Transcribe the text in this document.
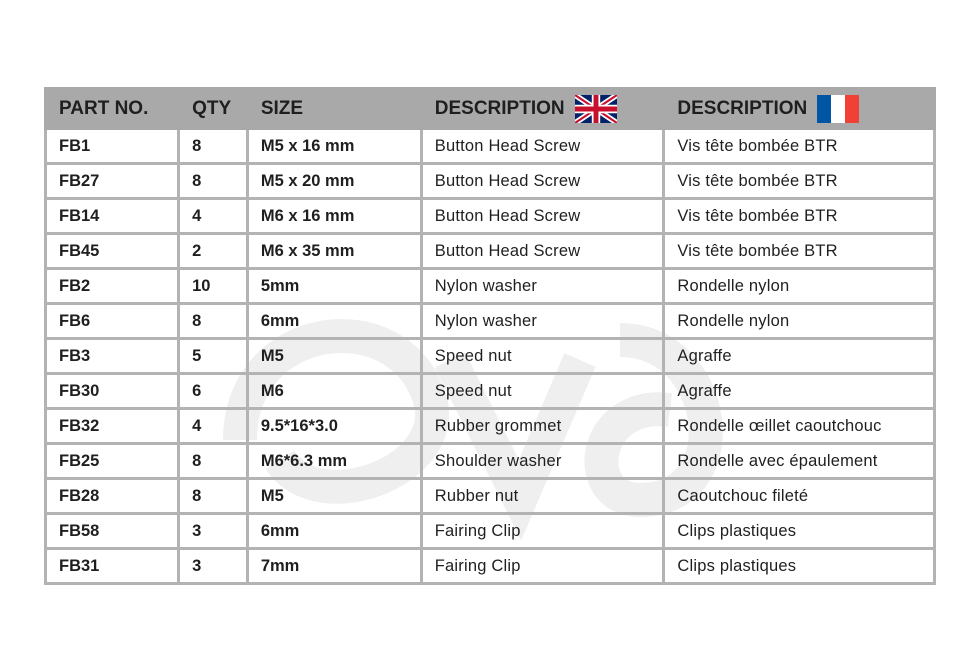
PART NO.	QTY	SIZE	DESCRIPTION	DESCRIPTION

FB1	8	M5 x 16 mm	Button Head Screw	Vis tête bombée BTR
FB27	8	M5 x 20 mm	Button Head Screw	Vis tête bombée BTR
FB14	4	M6 x 16 mm	Button Head Screw	Vis tête bombée BTR
FB45	2	M6 x 35 mm	Button Head Screw	Vis tête bombée BTR
FB2	10	5mm	Nylon washer	Rondelle nylon
FB6	8	6mm	Nylon washer	Rondelle nylon
FB3	5	M5	Speed nut	Agraffe
FB30	6	M6	Speed nut	Agraffe
FB32	4	9.5*16*3.0	Rubber grommet	Rondelle œillet caoutchouc
FB25	8	M6*6.3 mm	Shoulder washer	Rondelle avec épaulement
FB28	8	M5	Rubber nut	Caoutchouc fileté
FB58	3	6mm	Fairing Clip	Clips plastiques
FB31	3	7mm	Fairing Clip	Clips plastiques
